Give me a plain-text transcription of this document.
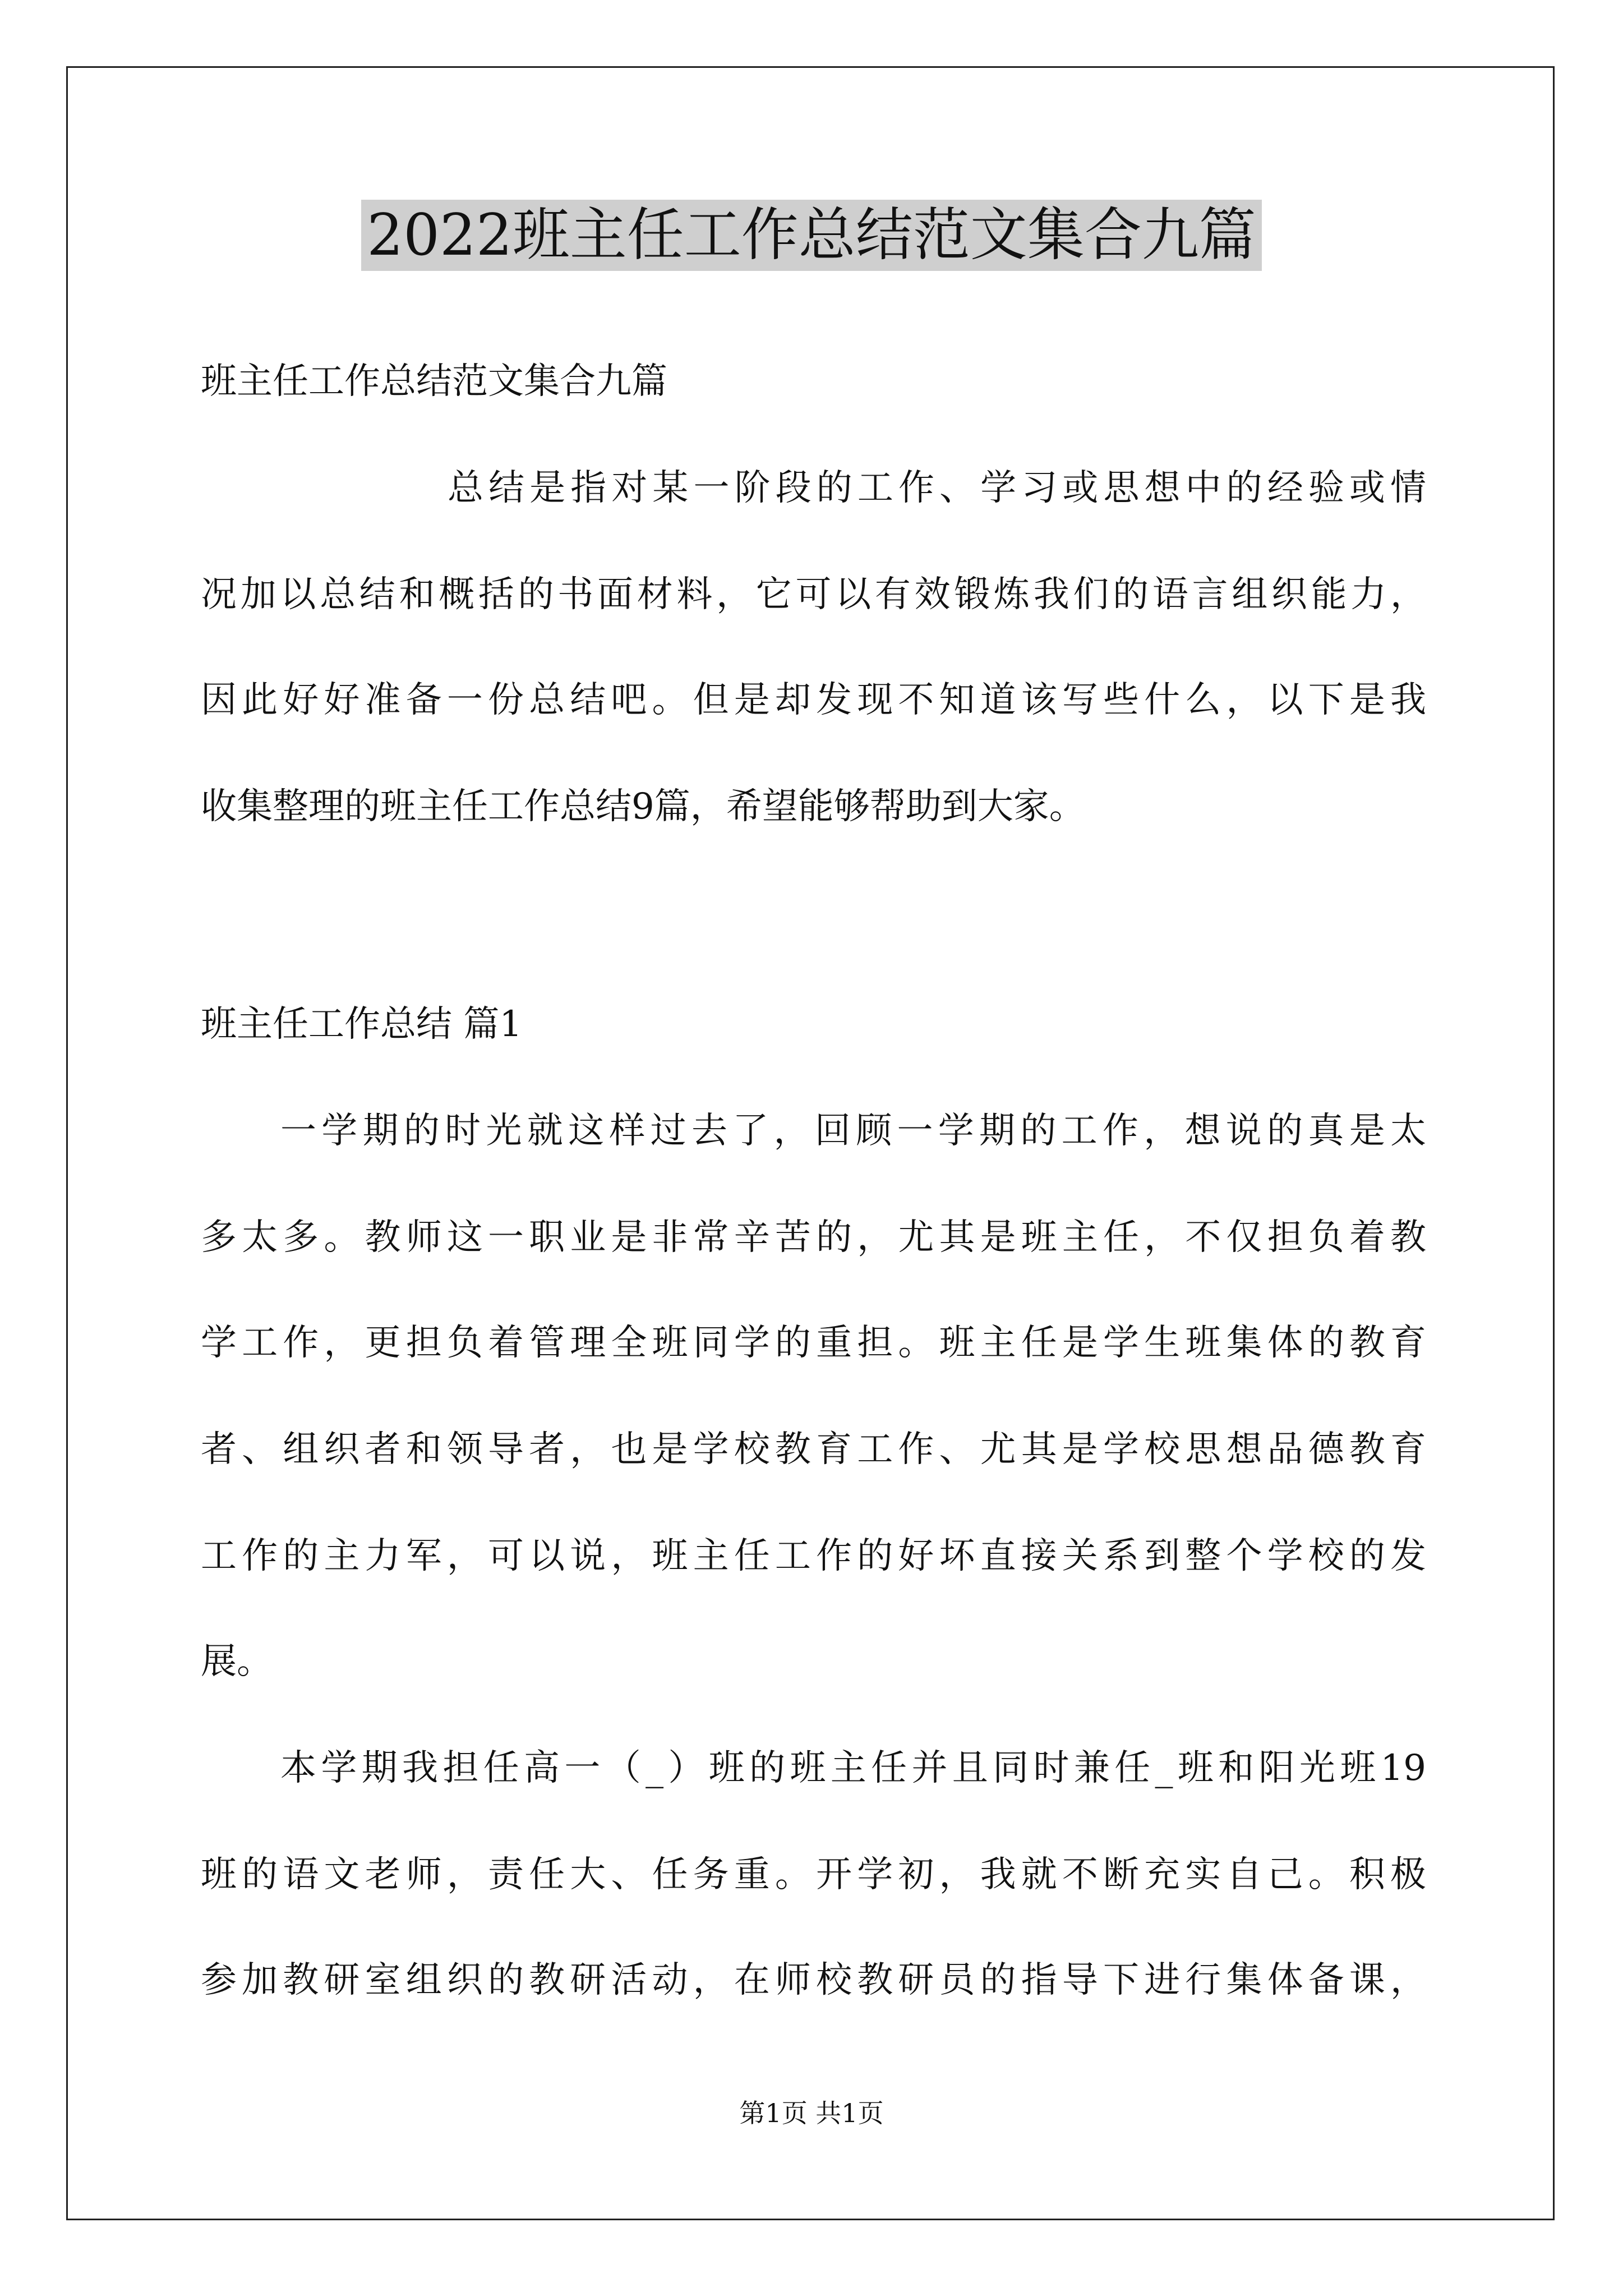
2022班主任工作总结范文集合九篇
班主任工作总结范文集合九篇
总结是指对某一阶段的工作、学习或思想中的经验或情
况加以总结和概括的书面材料，它可以有效锻炼我们的语言组织能力，
因此好好准备一份总结吧。但是却发现不知道该写些什么，以下是我
收集整理的班主任工作总结9篇，希望能够帮助到大家。
班主任工作总结 篇1
一学期的时光就这样过去了，回顾一学期的工作，想说的真是太
多太多。教师这一职业是非常辛苦的，尤其是班主任，不仅担负着教
学工作，更担负着管理全班同学的重担。班主任是学生班集体的教育
者、组织者和领导者，也是学校教育工作、尤其是学校思想品德教育
工作的主力军，可以说，班主任工作的好坏直接关系到整个学校的发
展。
本学期我担任高一（_）班的班主任并且同时兼任_班和阳光班19
班的语文老师，责任大、任务重。开学初，我就不断充实自己。积极
参加教研室组织的教研活动，在师校教研员的指导下进行集体备课，
第1页 共1页
